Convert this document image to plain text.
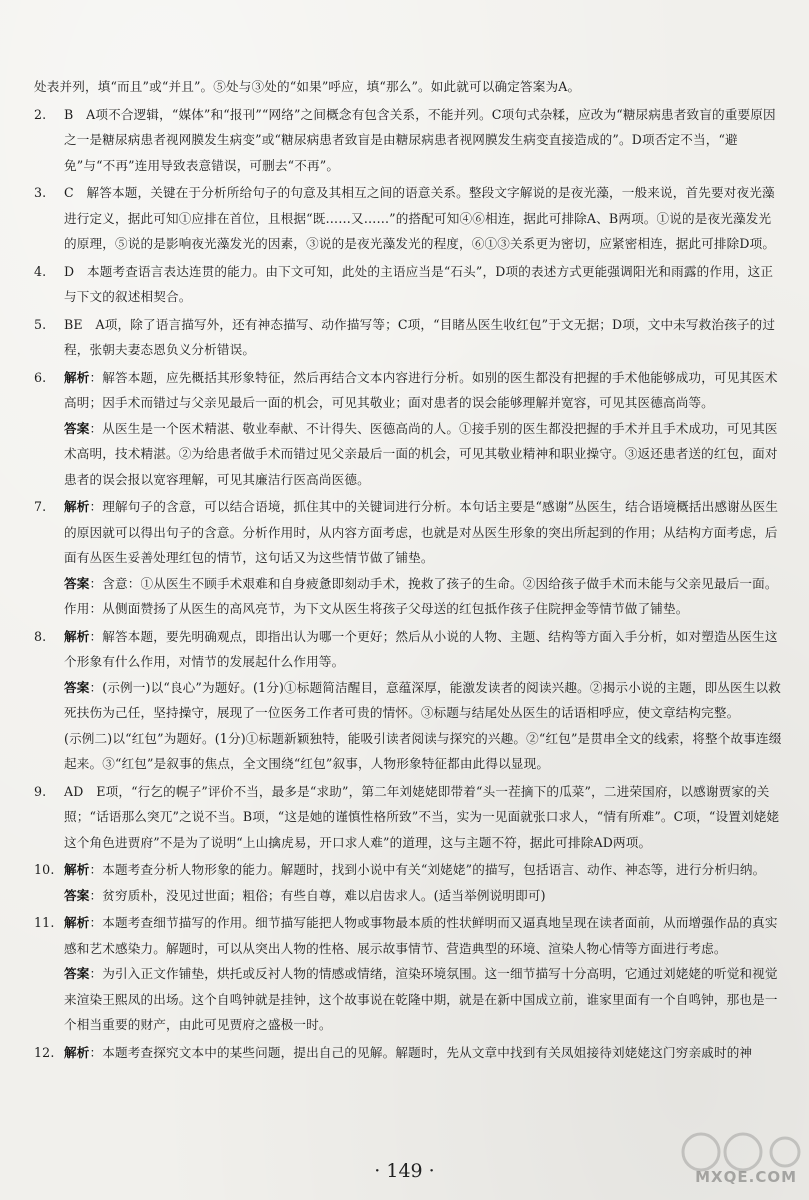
处表并列，填“而且”或“并且”。⑤处与③处的“如果”呼应，填“那么”。如此就可以确定答案为A。
2.	B　A项不合逻辑，“媒体”和“报刊”“网络”之间概念有包含关系，不能并列。C项句式杂糅，应改为“糖尿病患者致盲的重要原因之一是糖尿病患者视网膜发生病变”或“糖尿病患者致盲是由糖尿病患者视网膜发生病变直接造成的”。D项否定不当，“避免”与“不再”连用导致表意错误，可删去“不再”。
3.	C　解答本题，关键在于分析所给句子的句意及其相互之间的语意关系。整段文字解说的是夜光藻，一般来说，首先要对夜光藻进行定义，据此可知①应排在首位，且根据“既……又……”的搭配可知④⑥相连，据此可排除A、B两项。①说的是夜光藻发光的原理，⑤说的是影响夜光藻发光的因素，③说的是夜光藻发光的程度，⑥①③关系更为密切，应紧密相连，据此可排除D项。
4.	D　本题考查语言表达连贯的能力。由下文可知，此处的主语应当是“石头”，D项的表述方式更能强调阳光和雨露的作用，这正与下文的叙述相契合。
5.	BE　A项，除了语言描写外，还有神态描写、动作描写等；C项，“目睹丛医生收红包”于文无据；D项，文中未写救治孩子的过程，张朝夫妻态恩负义分析错误。
6.	解析：解答本题，应先概括其形象特征，然后再结合文本内容进行分析。如别的医生都没有把握的手术他能够成功，可见其医术高明；因手术而错过与父亲见最后一面的机会，可见其敬业；面对患者的误会能够理解并宽容，可见其医德高尚等。
答案：从医生是一个医术精湛、敬业奉献、不计得失、医德高尚的人。①接手别的医生都没把握的手术并且手术成功，可见其医术高明，技术精湛。②为给患者做手术而错过见父亲最后一面的机会，可见其敬业精神和职业操守。③返还患者送的红包，面对患者的误会报以宽容理解，可见其廉洁行医高尚医德。
7.	解析：理解句子的含意，可以结合语境，抓住其中的关键词进行分析。本句话主要是“感谢”丛医生，结合语境概括出感谢丛医生的原因就可以得出句子的含意。分析作用时，从内容方面考虑，也就是对丛医生形象的突出所起到的作用；从结构方面考虑，后面有丛医生妥善处理红包的情节，这句话又为这些情节做了铺垫。
答案：含意：①从医生不顾手术艰难和自身疲惫即刻动手术，挽救了孩子的生命。②因给孩子做手术而未能与父亲见最后一面。作用：从侧面赞扬了从医生的高风亮节，为下文从医生将孩子父母送的红包抵作孩子住院押金等情节做了铺垫。
8.	解析：解答本题，要先明确观点，即指出认为哪一个更好；然后从小说的人物、主题、结构等方面入手分析，如对塑造丛医生这个形象有什么作用，对情节的发展起什么作用等。
答案：(示例一)以“良心”为题好。(1分)①标题简洁醒目，意蕴深厚，能激发读者的阅读兴趣。②揭示小说的主题，即丛医生以救死扶伤为己任，坚持操守，展现了一位医务工作者可贵的情怀。③标题与结尾处丛医生的话语相呼应，使文章结构完整。
(示例二)以“红包”为题好。(1分)①标题新颖独特，能吸引读者阅读与探究的兴趣。②“红包”是贯串全文的线索，将整个故事连缀起来。③“红包”是叙事的焦点，全文围绕“红包”叙事，人物形象特征都由此得以显现。
9.	AD　E项，“行乞的幌子”评价不当，最多是“求助”，第二年刘姥姥即带着“头一茬摘下的瓜菜”，二进荣国府，以感谢贾家的关照；“话语那么突兀”之说不当。B项，“这是她的谨慎性格所致”不当，实为一见面就张口求人，“情有所难”。C项，“设置刘姥姥这个角色进贾府”不是为了说明“上山擒虎易，开口求人难”的道理，这与主题不符，据此可排除AD两项。
10. 解析：本题考查分析人物形象的能力。解题时，找到小说中有关“刘姥姥”的描写，包括语言、动作、神态等，进行分析归纳。
答案：贫穷质朴，没见过世面；粗俗；有些自尊，难以启齿求人。(适当举例说明即可)
11. 解析：本题考查细节描写的作用。细节描写能把人物或事物最本质的性状鲜明而又逼真地呈现在读者面前，从而增强作品的真实感和艺术感染力。解题时，可以从突出人物的性格、展示故事情节、营造典型的环境、渲染人物心情等方面进行考虑。
答案：为引入正文作铺垫，烘托或反衬人物的情感或情绪，渲染环境氛围。这一细节描写十分高明，它通过刘姥姥的听觉和视觉来渲染王熙凤的出场。这个自鸣钟就是挂钟，这个故事说在乾隆中期，就是在新中国成立前，谁家里面有一个自鸣钟，那也是一个相当重要的财产，由此可见贾府之盛极一时。
12. 解析：本题考查探究文本中的某些问题，提出自己的见解。解题时，先从文章中找到有关凤姐接待刘姥姥这门穷亲戚时的神
· 149 ·	MXQE.COM
